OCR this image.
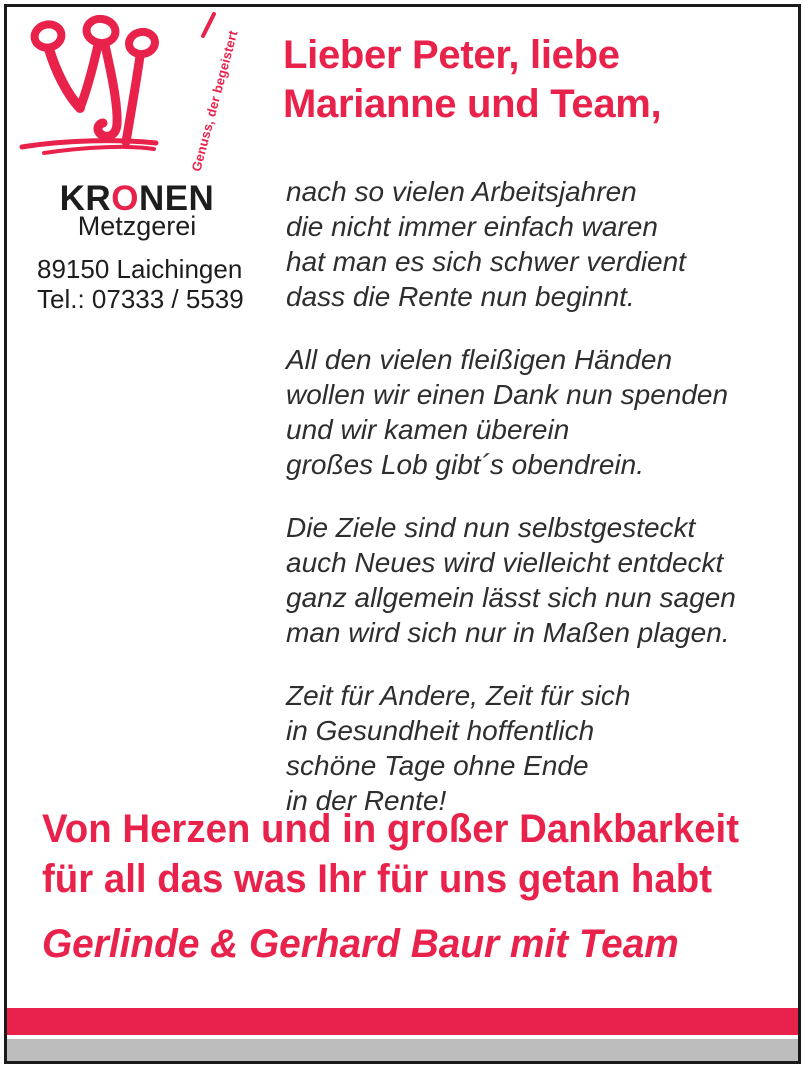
Genuss, der begeistert
KRONEN
Metzgerei
89150 Laichingen
Tel.: 07333 / 5539
Lieber Peter, liebe
Marianne und Team,

nach so vielen Arbeitsjahren
die nicht immer einfach waren
hat man es sich schwer verdient
dass die Rente nun beginnt.

All den vielen fleißigen Händen
wollen wir einen Dank nun spenden
und wir kamen überein
großes Lob gibt´s obendrein.

Die Ziele sind nun selbstgesteckt
auch Neues wird vielleicht entdeckt
ganz allgemein lässt sich nun sagen
man wird sich nur in Maßen plagen.

Zeit für Andere, Zeit für sich
in Gesundheit hoffentlich
schöne Tage ohne Ende
in der Rente!

Von Herzen und in großer Dankbarkeit
für all das was Ihr für uns getan habt
Gerlinde & Gerhard Baur mit Team
